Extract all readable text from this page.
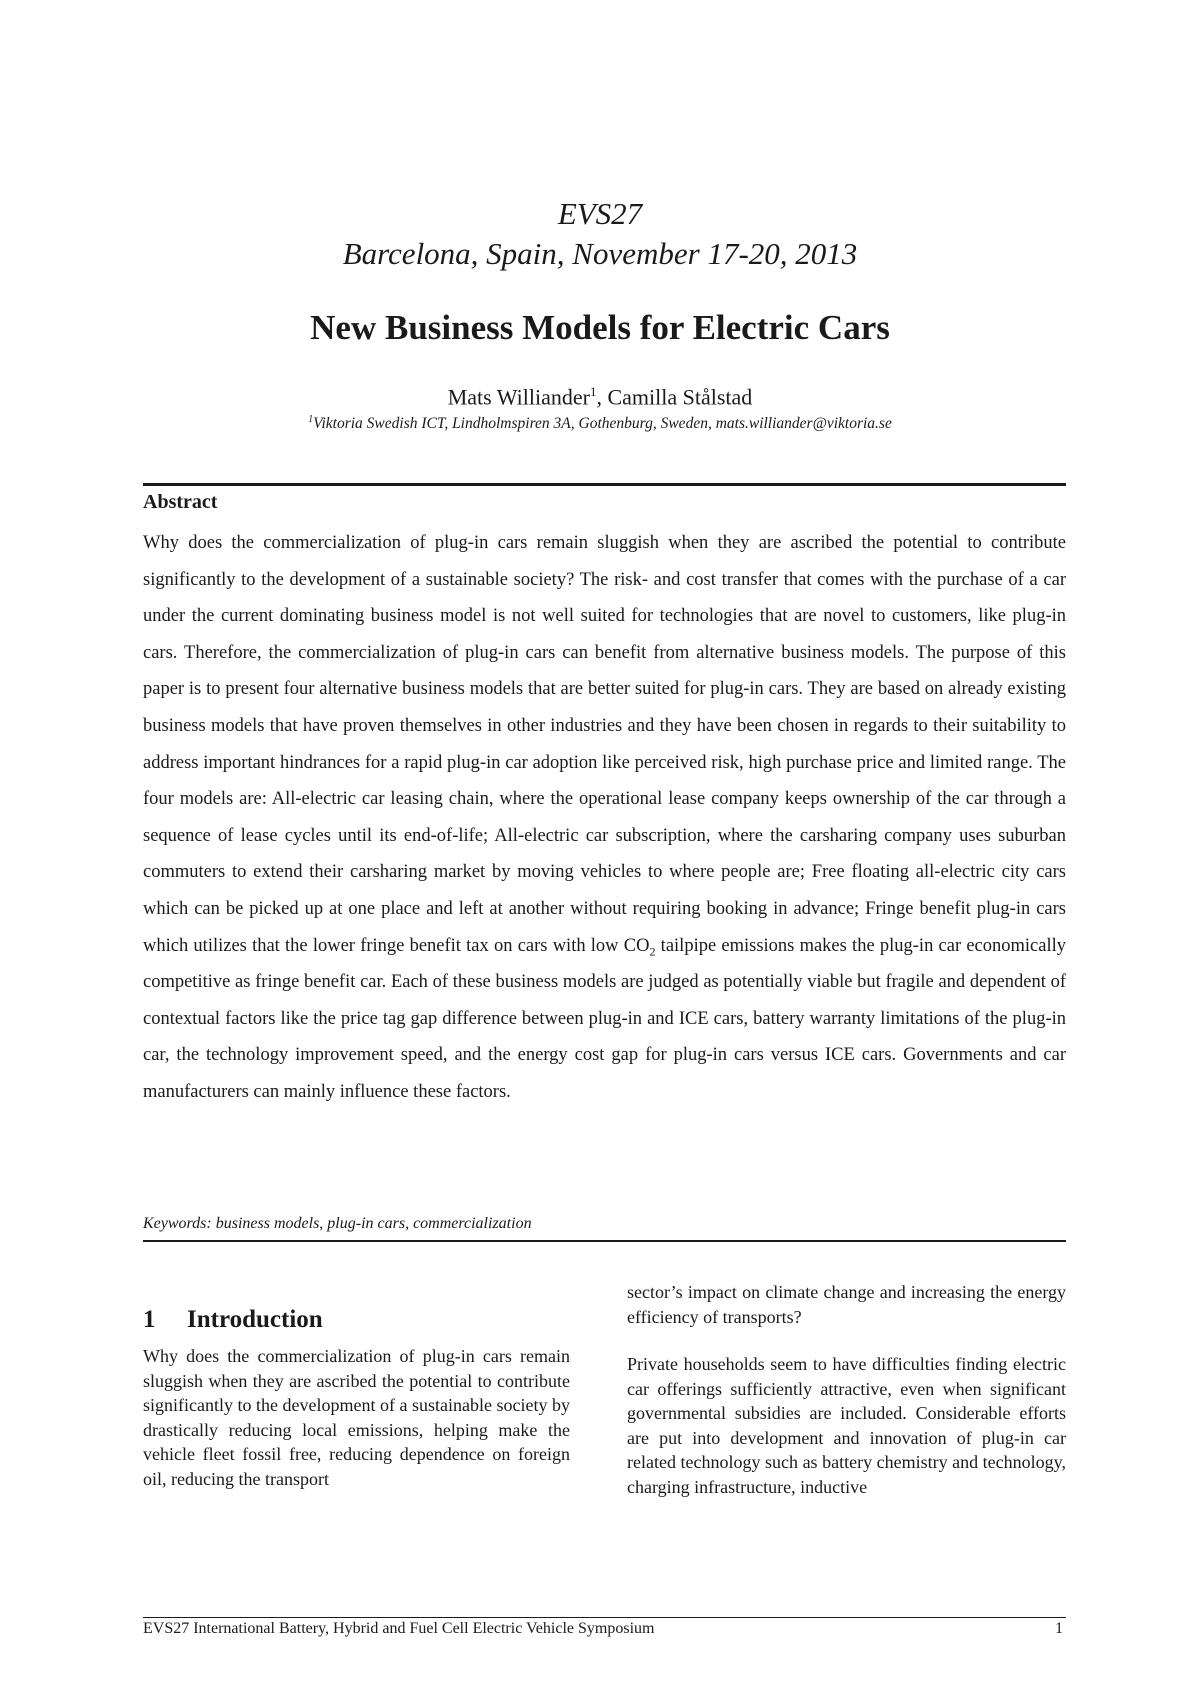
EVS27
Barcelona, Spain, November 17-20, 2013
New Business Models for Electric Cars
Mats Williander$^1$, Camilla Stålstad
$^1$Viktoria Swedish ICT, Lindholmspiren 3A, Gothenburg, Sweden, mats.williander@viktoria.se
Abstract
Why does the commercialization of plug-in cars remain sluggish when they are ascribed the potential to contribute significantly to the development of a sustainable society? The risk- and cost transfer that comes with the purchase of a car under the current dominating business model is not well suited for technologies that are novel to customers, like plug-in cars. Therefore, the commercialization of plug-in cars can benefit from alternative business models. The purpose of this paper is to present four alternative business models that are better suited for plug-in cars. They are based on already existing business models that have proven themselves in other industries and they have been chosen in regards to their suitability to address important hindrances for a rapid plug-in car adoption like perceived risk, high purchase price and limited range. The four models are: All-electric car leasing chain, where the operational lease company keeps ownership of the car through a sequence of lease cycles until its end-of-life; All-electric car subscription, where the carsharing company uses suburban commuters to extend their carsharing market by moving vehicles to where people are; Free floating all-electric city cars which can be picked up at one place and left at another without requiring booking in advance; Fringe benefit plug-in cars which utilizes that the lower fringe benefit tax on cars with low $CO_2$ tailpipe emissions makes the plug-in car economically competitive as fringe benefit car. Each of these business models are judged as potentially viable but fragile and dependent of contextual factors like the price tag gap difference between plug-in and ICE cars, battery warranty limitations of the plug-in car, the technology improvement speed, and the energy cost gap for plug-in cars versus ICE cars. Governments and car manufacturers can mainly influence these factors.
Keywords: business models, plug-in cars, commercialization
1 Introduction
Why does the commercialization of plug-in cars remain sluggish when they are ascribed the potential to contribute significantly to the development of a sustainable society by drastically reducing local emissions, helping make the vehicle fleet fossil free, reducing dependence on foreign oil, reducing the transport
sector’s impact on climate change and increasing the energy efficiency of transports?
Private households seem to have difficulties finding electric car offerings sufficiently attractive, even when significant governmental subsidies are included. Considerable efforts are put into development and innovation of plug-in car related technology such as battery chemistry and technology, charging infrastructure, inductive
EVS27 International Battery, Hybrid and Fuel Cell Electric Vehicle Symposium	1
